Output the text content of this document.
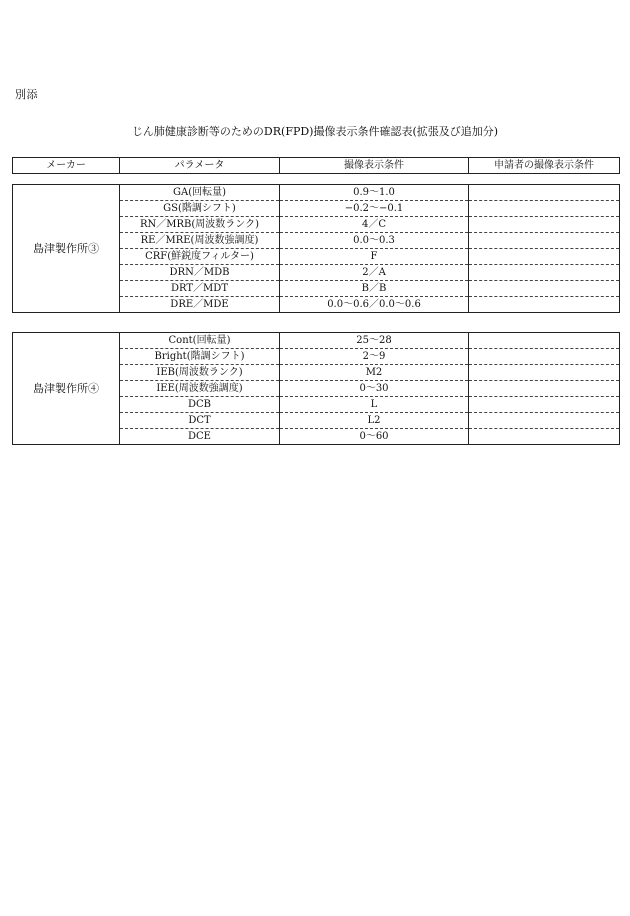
別添
じん肺健康診断等のためのDR(FPD)撮像表示条件確認表(拡張及び追加分)
メーカー	パラメータ	撮像表示条件	申請者の撮像表示条件
島津製作所③	GA(回転量)	0.9〜1.0	
	GS(階調シフト)	−0.2〜−0.1	
	RN／MRB(周波数ランク)	4／C	
	RE／MRE(周波数強調度)	0.0〜0.3	
	CRF(鮮鋭度フィルター)	F	
	DRN／MDB	2／A	
	DRT／MDT	B／B	
	DRE／MDE	0.0〜0.6／0.0〜0.6	
島津製作所④	Cont(回転量)	25〜28	
	Bright(階調シフト)	2〜9	
	IEB(周波数ランク)	M2	
	IEE(周波数強調度)	0〜30	
	DCB	L	
	DCT	L2	
	DCE	0〜60	
